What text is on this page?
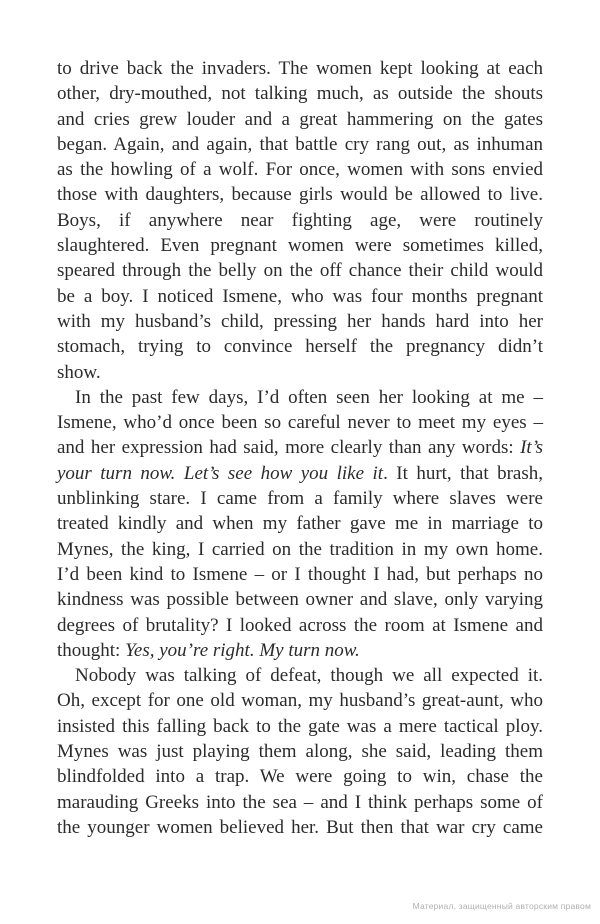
to drive back the invaders. The women kept looking at each
other, dry-mouthed, not talking much, as outside the shouts
and cries grew louder and a great hammering on the gates
began. Again, and again, that battle cry rang out, as inhuman
as the howling of a wolf. For once, women with sons envied
those with daughters, because girls would be allowed to live.
Boys, if anywhere near fighting age, were routinely
slaughtered. Even pregnant women were sometimes killed,
speared through the belly on the off chance their child would
be a boy. I noticed Ismene, who was four months pregnant
with my husband’s child, pressing her hands hard into her
stomach, trying to convince herself the pregnancy didn’t
show.
In the past few days, I’d often seen her looking at me –
Ismene, who’d once been so careful never to meet my eyes –
and her expression had said, more clearly than any words: It’s
your turn now. Let’s see how you like it. It hurt, that brash,
unblinking stare. I came from a family where slaves were
treated kindly and when my father gave me in marriage to
Mynes, the king, I carried on the tradition in my own home.
I’d been kind to Ismene – or I thought I had, but perhaps no
kindness was possible between owner and slave, only varying
degrees of brutality? I looked across the room at Ismene and
thought: Yes, you’re right. My turn now.
Nobody was talking of defeat, though we all expected it.
Oh, except for one old woman, my husband’s great-aunt, who
insisted this falling back to the gate was a mere tactical ploy.
Mynes was just playing them along, she said, leading them
blindfolded into a trap. We were going to win, chase the
marauding Greeks into the sea – and I think perhaps some of
the younger women believed her. But then that war cry came
Материал, защищенный авторским правом
